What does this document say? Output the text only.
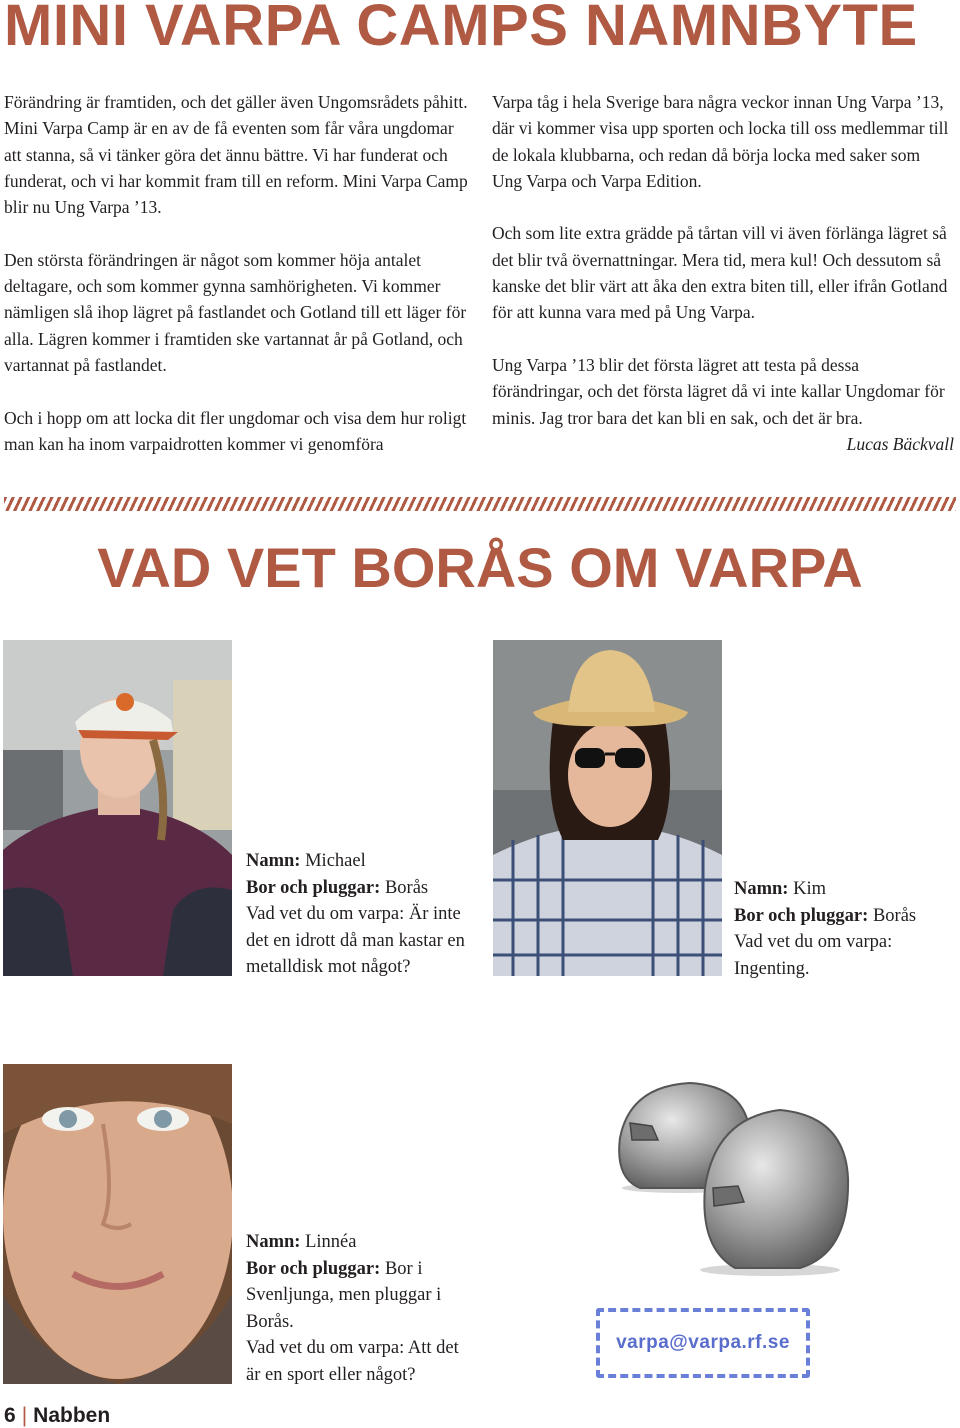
MINI VARPA CAMPS NAMNBYTE

Förändring är framtiden, och det gäller även Ungomsrådets påhitt. Mini Varpa Camp är en av de få eventen som får våra ungdomar att stanna, så vi tänker göra det ännu bättre. Vi har funderat och funderat, och vi har kommit fram till en reform. Mini Varpa Camp blir nu Ung Varpa ’13.

Den största förändringen är något som kommer höja antalet deltagare, och som kommer gynna samhörigheten. Vi kommer nämligen slå ihop lägret på fastlandet och Gotland till ett läger för alla. Lägren kommer i framtiden ske vartannat år på Gotland, och vartannat på fastlandet.

Och i hopp om att locka dit fler ungdomar och visa dem hur roligt man kan ha inom varpaidrotten kommer vi genomföra

Varpa tåg i hela Sverige bara några veckor innan Ung Varpa ’13, där vi kommer visa upp sporten och locka till oss medlemmar till de lokala klubbarna, och redan då börja locka med saker som Ung Varpa och Varpa Edition.

Och som lite extra grädde på tårtan vill vi även förlänga lägret så det blir två övernattningar. Mera tid, mera kul! Och dessutom så kanske det blir värt att åka den extra biten till, eller ifrån Gotland för att kunna vara med på Ung Varpa.

Ung Varpa ’13 blir det första lägret att testa på dessa förändringar, och det första lägret då vi inte kallar Ungdomar för minis. Jag tror bara det kan bli en sak, och det är bra.

Lucas Bäckvall

VAD VET BORÅS OM VARPA
Namn: Michael
Bor och pluggar: Borås
Vad vet du om varpa: Är inte det en idrott då man kastar en metalldisk mot något?
Namn: Kim
Bor och pluggar: Borås
Vad vet du om varpa: Ingenting.
Namn: Linnéa
Bor och pluggar: Bor i Svenljunga, men pluggar i Borås.
Vad vet du om varpa: Att det är en sport eller något?
varpa@varpa.rf.se

6 | Nabben
